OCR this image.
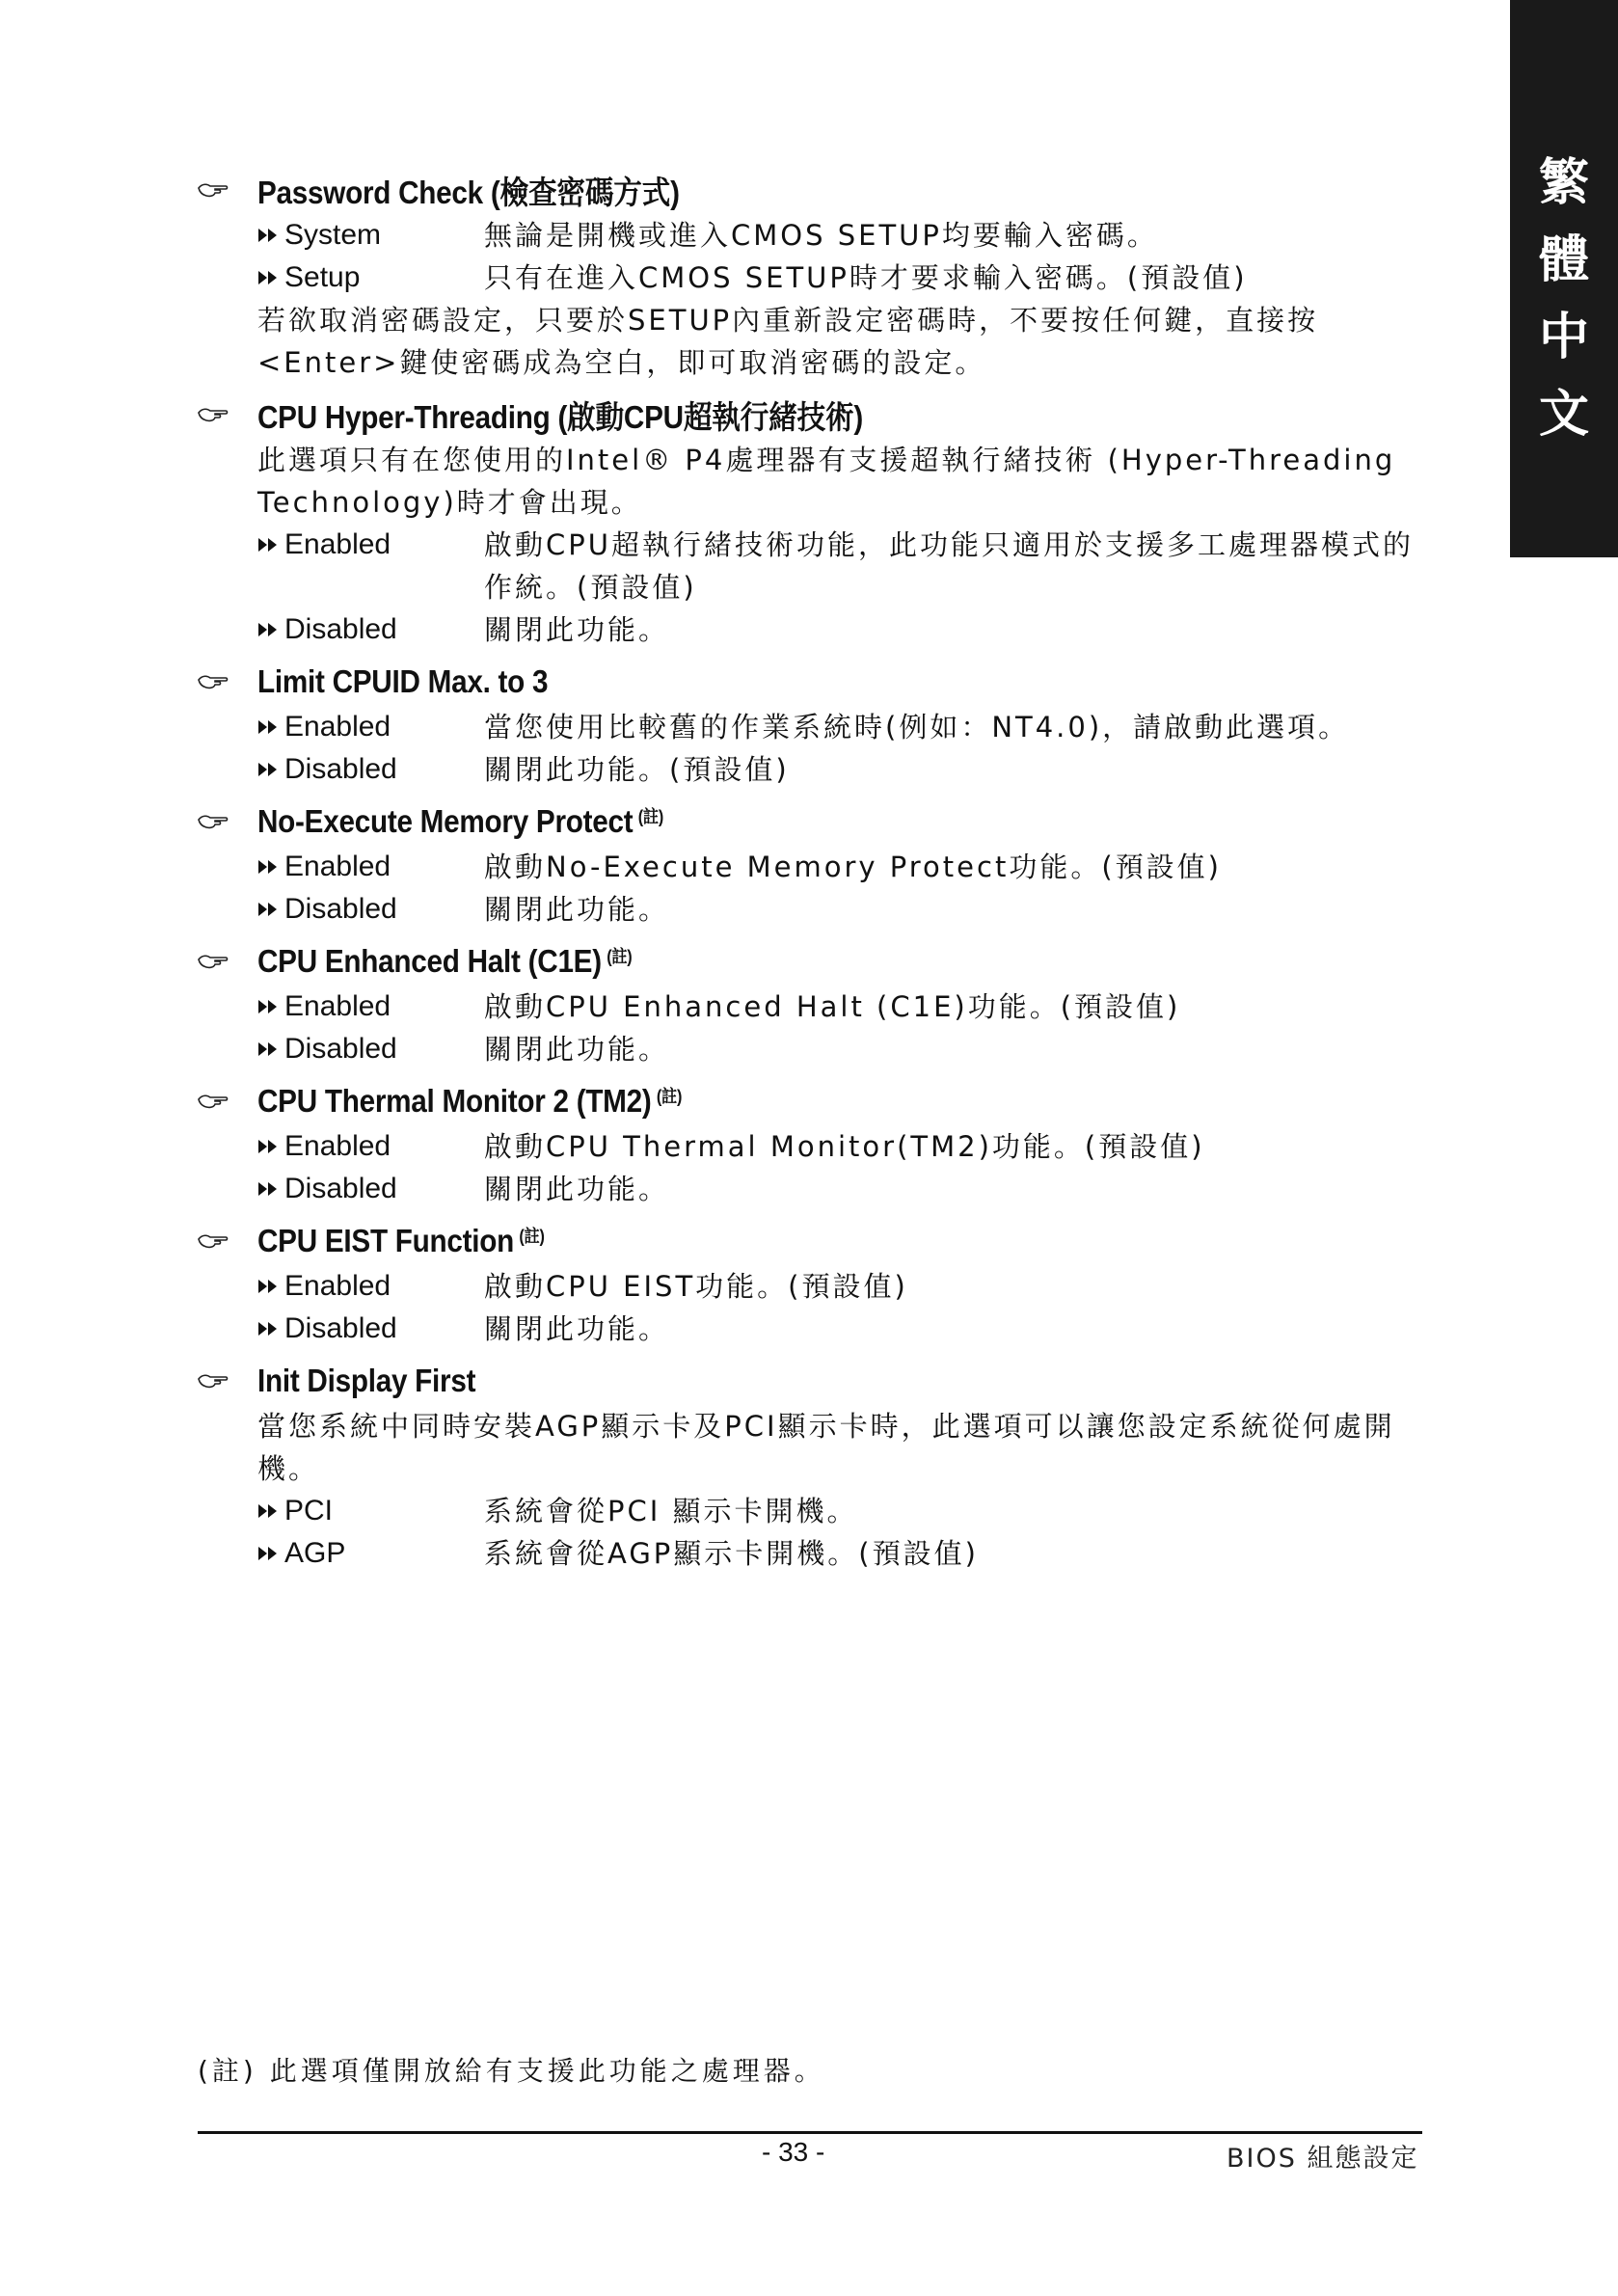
繁
體
中
文
Password Check (檢查密碼方式)
System	無論是開機或進入CMOS SETUP均要輸入密碼。
Setup	只有在進入CMOS SETUP時才要求輸入密碼。(預設值)
若欲取消密碼設定，只要於SETUP內重新設定密碼時，不要按任何鍵，直接按<Enter>鍵使密碼成為空白，即可取消密碼的設定。
CPU Hyper-Threading (啟動CPU超執行緒技術)
此選項只有在您使用的Intel® P4處理器有支援超執行緒技術 (Hyper-Threading Technology)時才會出現。
Enabled	啟動CPU超執行緒技術功能，此功能只適用於支援多工處理器模式的作統。(預設值)
Disabled	關閉此功能。
Limit CPUID Max. to 3
Enabled	當您使用比較舊的作業系統時(例如：NT4.0)，請啟動此選項。
Disabled	關閉此功能。(預設值)
No-Execute Memory Protect $^{(註)}$
Enabled	啟動No-Execute Memory Protect功能。(預設值)
Disabled	關閉此功能。
CPU Enhanced Halt (C1E) $^{(註)}$
Enabled	啟動CPU Enhanced Halt (C1E)功能。(預設值)
Disabled	關閉此功能。
CPU Thermal Monitor 2 (TM2) $^{(註)}$
Enabled	啟動CPU Thermal Monitor(TM2)功能。(預設值)
Disabled	關閉此功能。
CPU EIST Function $^{(註)}$
Enabled	啟動CPU EIST功能。(預設值)
Disabled	關閉此功能。
Init Display First
當您系統中同時安裝AGP顯示卡及PCI顯示卡時，此選項可以讓您設定系統從何處開機。
PCI	系統會從PCI 顯示卡開機。
AGP	系統會從AGP顯示卡開機。(預設值)
(註) 此選項僅開放給有支援此功能之處理器。
- 33 -	BIOS 組態設定
